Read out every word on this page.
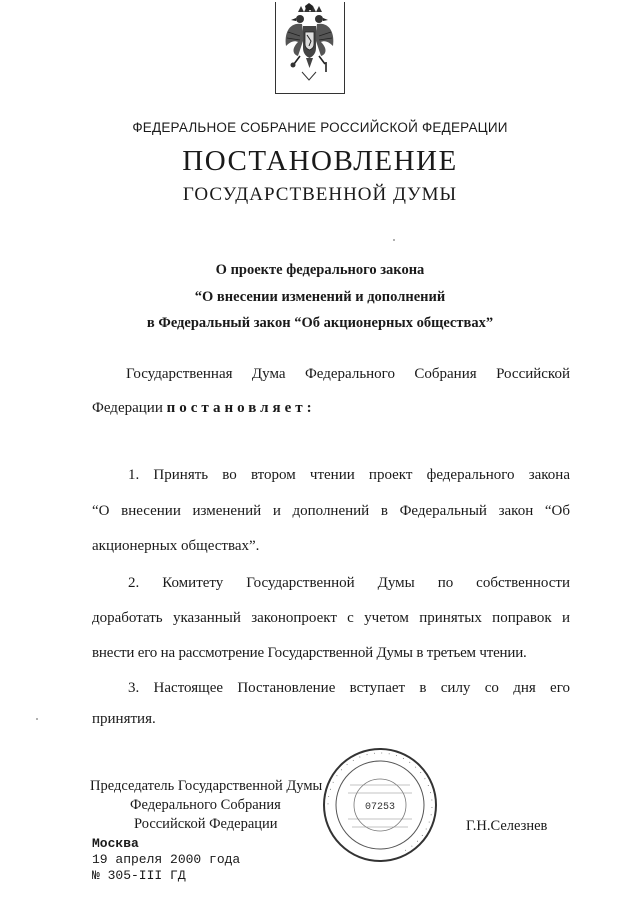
ФЕДЕРАЛЬНОЕ СОБРАНИЕ РОССИЙСКОЙ ФЕДЕРАЦИИ
ПОСТАНОВЛЕНИЕ
ГОСУДАРСТВЕННОЙ ДУМЫ
О проекте федерального закона
“О внесении изменений и дополнений
в Федеральный закон “Об акционерных обществах”
Государственная Дума Федерального Собрания Российской
Федерации постановляет:
1. Принять во втором чтении проект федерального закона
“О внесении изменений и дополнений в Федеральный закон “Об
акционерных обществах”.
2. Комитету Государственной Думы по собственности
доработать указанный законопроект с учетом принятых поправок и
внести его на рассмотрение Государственной Думы в третьем чтении.
3. Настоящее Постановление вступает в силу со дня его
принятия.
∙ ∙ ∙ ∙ ∙ ∙ ∙ ∙ ∙ ∙ ∙ ∙ ∙ ∙ ∙ ∙ ∙ ∙ ∙ ∙ ∙ ∙ ∙ ∙ ∙ ∙ ∙ ∙ ∙ ∙
07253
Председатель Государственной Думы
Федерального Собрания
Российской Федерации	Г.Н.Селезнев
Москва
19 апреля 2000 года
№ 305-III ГД
